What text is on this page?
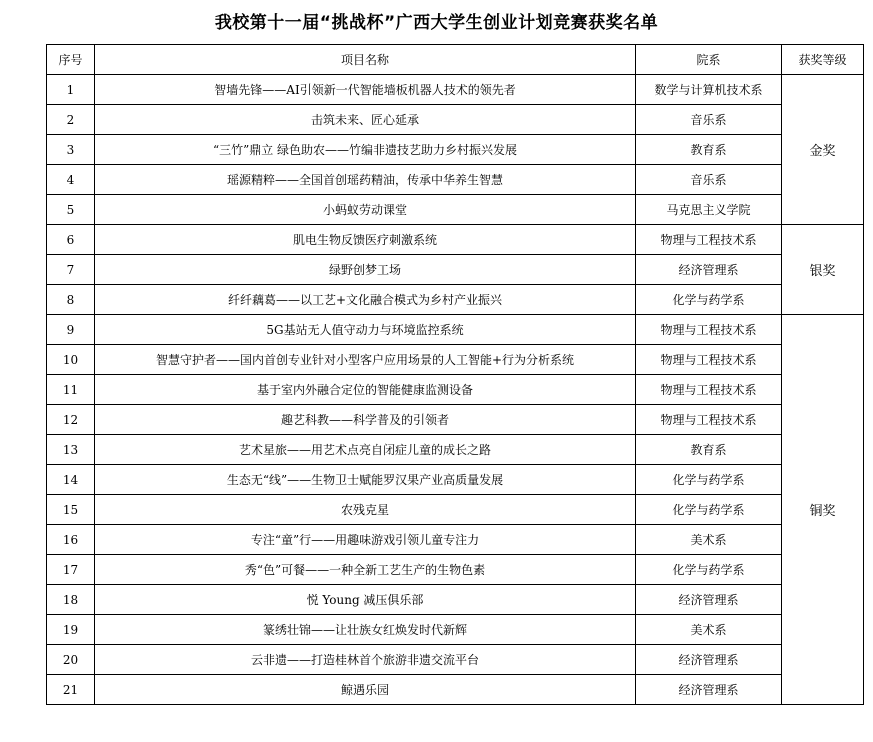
我校第十一届“挑战杯”广西大学生创业计划竞赛获奖名单
序号	项目名称	院系	获奖等级
1	智墙先锋——AI引领新一代智能墙板机器人技术的领先者	数学与计算机技术系	金奖
2	击筑未来、匠心延承	音乐系	
3	“三竹”鼎立 绿色助农——竹编非遗技艺助力乡村振兴发展	教育系	
4	瑶源精粹——全国首创瑶药精油，传承中华养生智慧	音乐系	
5	小蚂蚁劳动课堂	马克思主义学院	
6	肌电生物反馈医疗刺激系统	物理与工程技术系	银奖
7	绿野创梦工场	经济管理系	
8	纤纤藕葛——以工艺+文化融合模式为乡村产业振兴	化学与药学系	
9	5G基站无人值守动力与环境监控系统	物理与工程技术系	铜奖
10	智慧守护者——国内首创专业针对小型客户应用场景的人工智能+行为分析系统	物理与工程技术系	
11	基于室内外融合定位的智能健康监测设备	物理与工程技术系	
12	趣艺科教——科学普及的引领者	物理与工程技术系	
13	艺术星旅——用艺术点亮自闭症儿童的成长之路	教育系	
14	生态无“线”——生物卫士赋能罗汉果产业高质量发展	化学与药学系	
15	农残克星	化学与药学系	
16	专注“童”行——用趣味游戏引领儿童专注力	美术系	
17	秀“色”可餐——一种全新工艺生产的生物色素	化学与药学系	
18	悦 Young 减压俱乐部	经济管理系	
19	篆绣壮锦——让壮族女红焕发时代新辉	美术系	
20	云非遗——打造桂林首个旅游非遗交流平台	经济管理系	
21	鲸遇乐园	经济管理系	
